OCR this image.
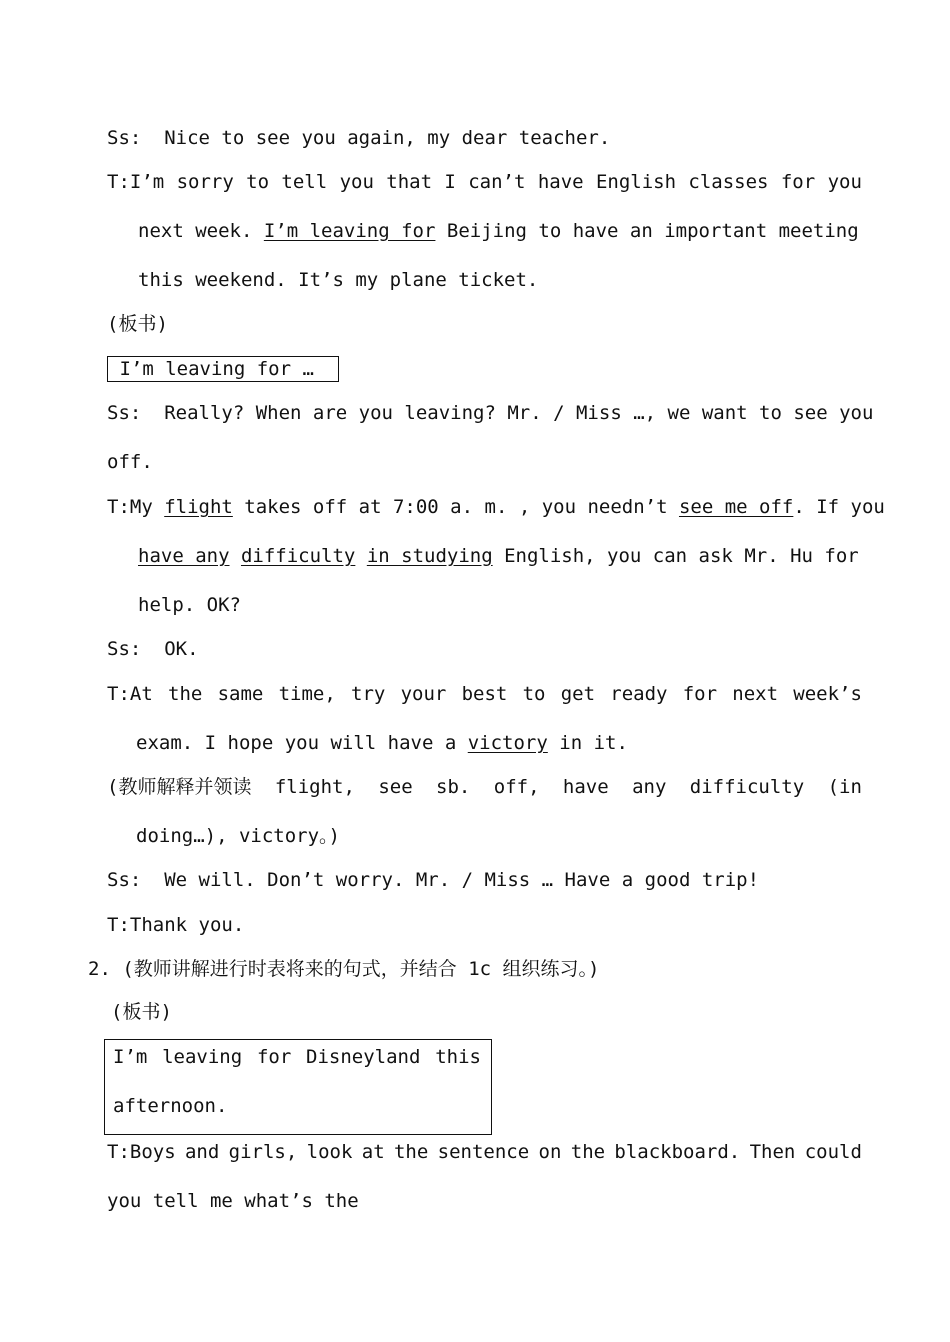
Ss:  Nice to see you again, my dear teacher.
T:I’m sorry to tell you that I can’t have English classes for you
next week. I’m leaving for Beijing to have an important meeting
this weekend. It’s my plane ticket.
(板书)
I’m leaving for …
Ss:  Really? When are you leaving? Mr. / Miss …, we want to see you
off.
T:My flight takes off at 7:00 a. m. , you needn’t see me off. If you
have any difficulty in studying English, you can ask Mr. Hu for
help. OK?
Ss:  OK.
T:At the same time, try your best to get ready for next week’s
exam. I hope you will have a victory in it.
(教师解释并领读 flight, see sb. off, have any difficulty (in
doing…), victory。)
Ss:  We will. Don’t worry. Mr. / Miss … Have a good trip!
T:Thank you.
2. (教师讲解进行时表将来的句式，并结合 1c 组织练习。)
(板书)
I’m leaving for Disneyland this
afternoon.
T:Boys and girls, look at the sentence on the blackboard. Then could
you tell me what’s the
